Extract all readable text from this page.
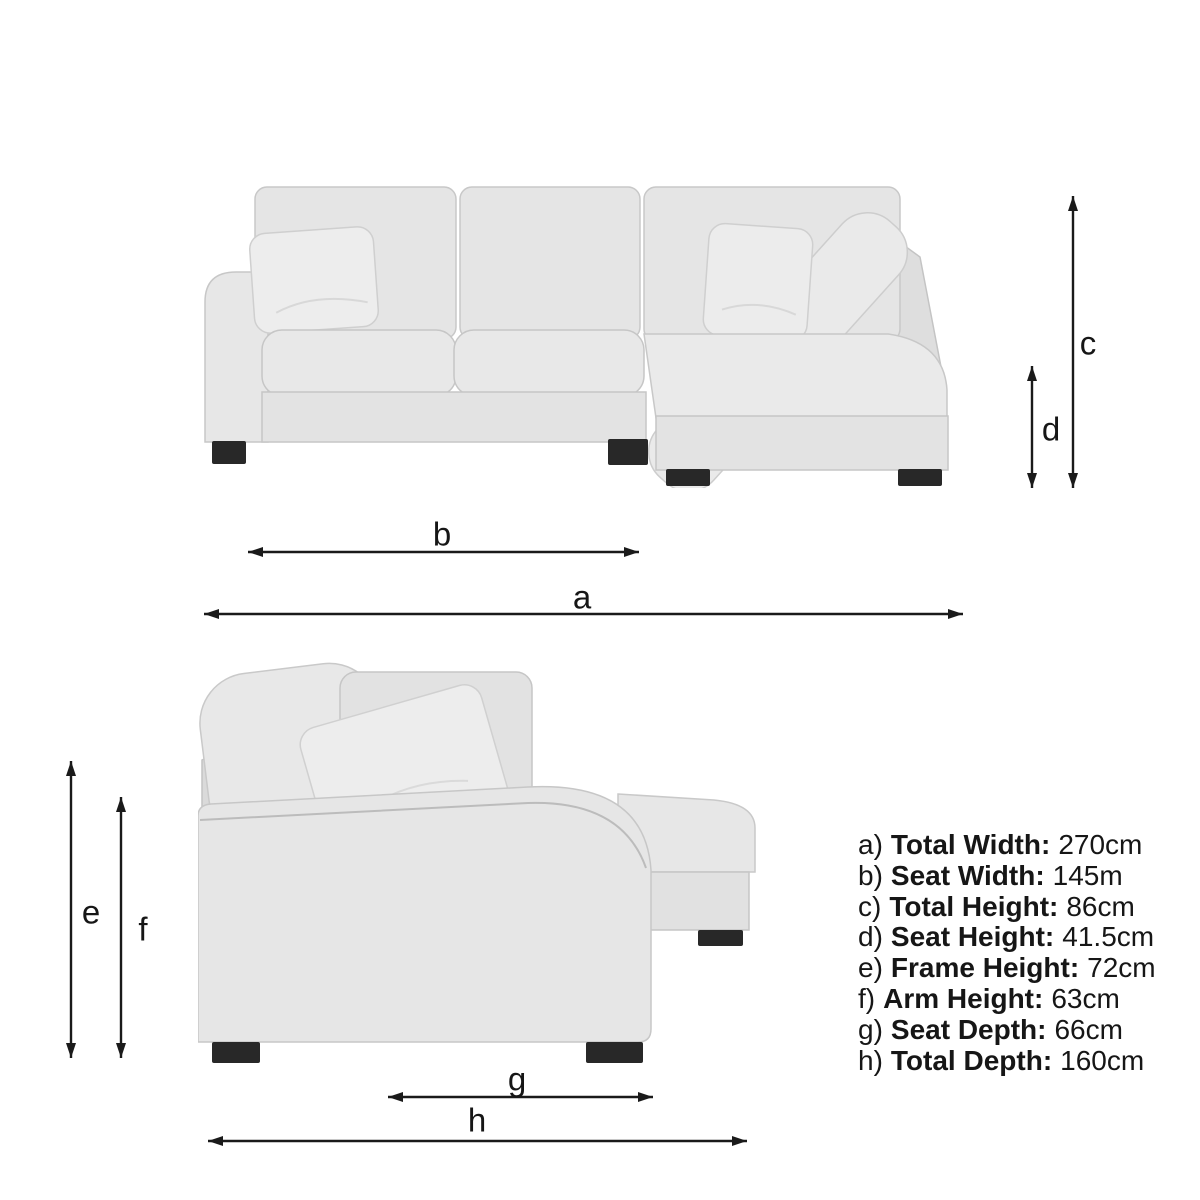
a
b
c
d
e f
g
h
a) Total Width: 270cm
b) Seat Width: 145m
c) Total Height: 86cm
d) Seat Height: 41.5cm
e) Frame Height: 72cm
f) Arm Height: 63cm
g) Seat Depth: 66cm
h) Total Depth: 160cm
